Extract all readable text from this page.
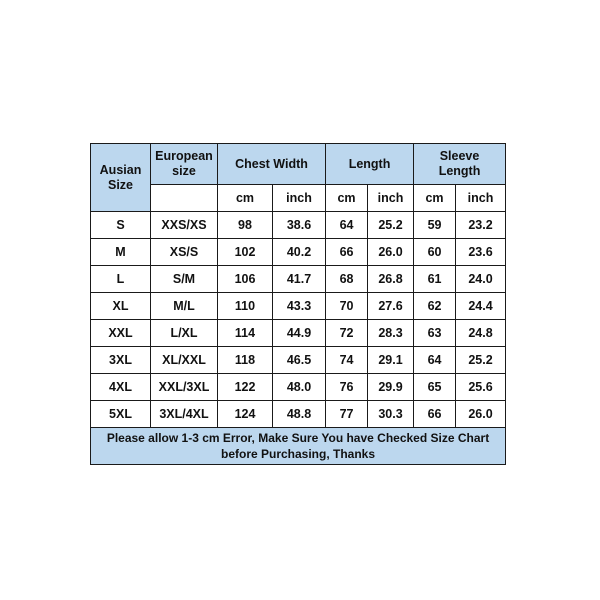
Ausian Size	European size	Chest Width		Length		Sleeve Length	

		cm	inch	cm	inch	cm	inch
S	XXS/XS	98	38.6	64	25.2	59	23.2
M	XS/S	102	40.2	66	26.0	60	23.6
L	S/M	106	41.7	68	26.8	61	24.0
XL	M/L	110	43.3	70	27.6	62	24.4
XXL	L/XL	114	44.9	72	28.3	63	24.8
3XL	XL/XXL	118	46.5	74	29.1	64	25.2
4XL	XXL/3XL	122	48.0	76	29.9	65	25.6
5XL	3XL/4XL	124	48.8	77	30.3	66	26.0
Please allow 1-3 cm Error, Make Sure You have Checked Size Chart before Purchasing, Thanks							
